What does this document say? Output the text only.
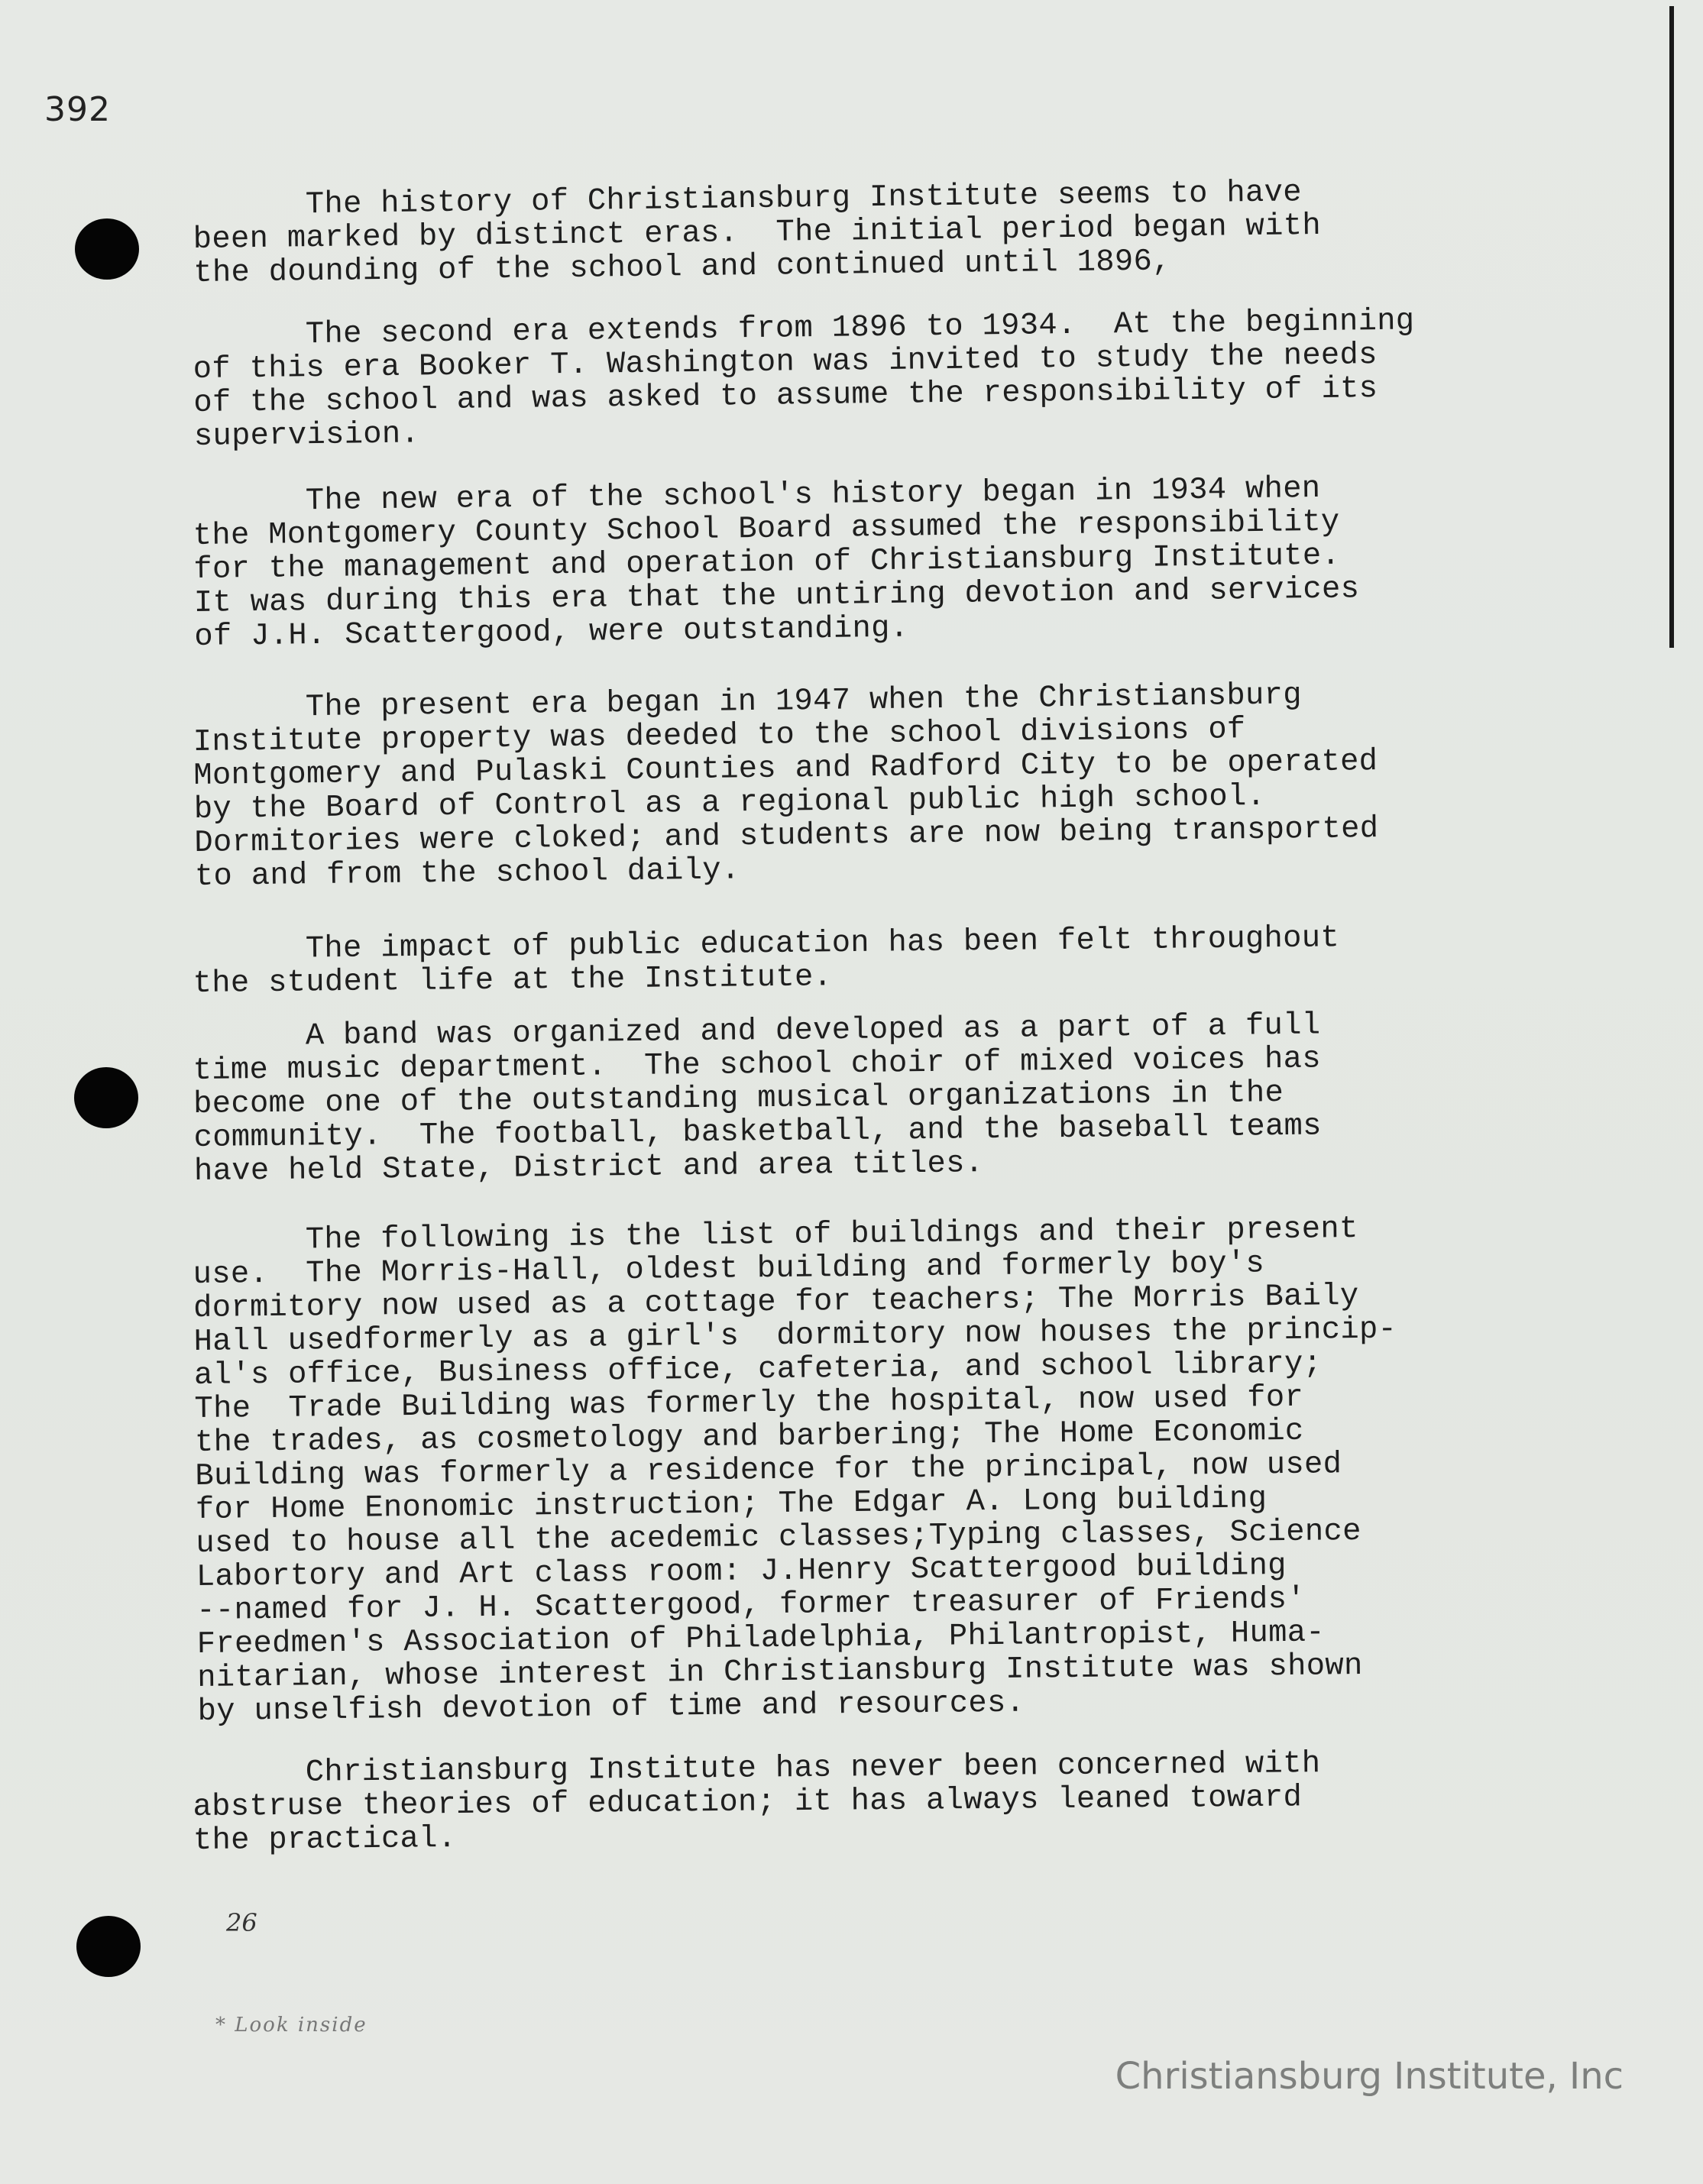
392
The history of Christiansburg Institute seems to have
been marked by distinct eras.  The initial period began with
the dounding of the school and continued until 1896,
The second era extends from 1896 to 1934.  At the beginning
of this era Booker T. Washington was invited to study the needs
of the school and was asked to assume the responsibility of its
supervision.
The new era of the school's history began in 1934 when
the Montgomery County School Board assumed the responsibility
for the management and operation of Christiansburg Institute.
It was during this era that the untiring devotion and services
of J.H. Scattergood, were outstanding.
The present era began in 1947 when the Christiansburg
Institute property was deeded to the school divisions of
Montgomery and Pulaski Counties and Radford City to be operated
by the Board of Control as a regional public high school.
Dormitories were cloked; and students are now being transported
to and from the school daily.
The impact of public education has been felt throughout
the student life at the Institute.
A band was organized and developed as a part of a full
time music department.  The school choir of mixed voices has
become one of the outstanding musical organizations in the
community.  The football, basketball, and the baseball teams
have held State, District and area titles.
The following is the list of buildings and their present
use.  The Morris-Hall, oldest building and formerly boy's
dormitory now used as a cottage for teachers; The Morris Baily
Hall usedformerly as a girl's  dormitory now houses the princip-
al's office, Business office, cafeteria, and school library;
The  Trade Building was formerly the hospital, now used for
the trades, as cosmetology and barbering; The Home Economic
Building was formerly a residence for the principal, now used
for Home Enonomic instruction; The Edgar A. Long building
used to house all the acedemic classes;Typing classes, Science
Labortory and Art class room: J.Henry Scattergood building
--named for J. H. Scattergood, former treasurer of Friends'
Freedmen's Association of Philadelphia, Philantropist, Huma-
nitarian, whose interest in Christiansburg Institute was shown
by unselfish devotion of time and resources.
Christiansburg Institute has never been concerned with
abstruse theories of education; it has always leaned toward
the practical.
26
* Look inside
Christiansburg Institute, Inc
